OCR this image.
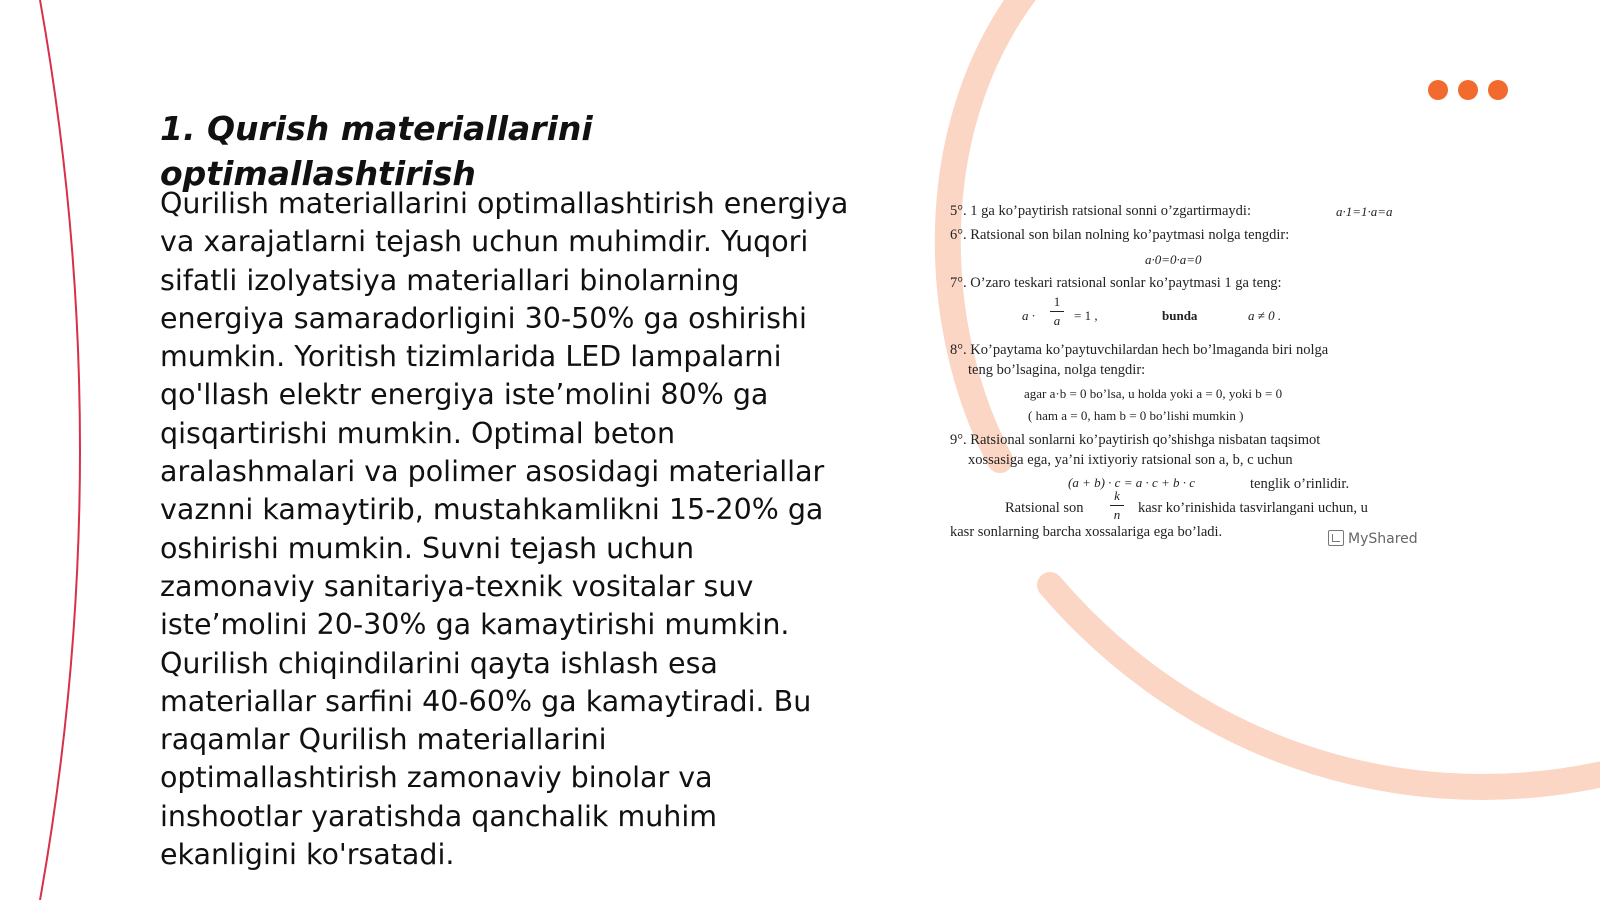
1. Qurish materiallarini optimallashtirish

Qurilish materiallarini optimallashtirish energiya va xarajatlarni tejash uchun muhimdir. Yuqori sifatli izolyatsiya materiallari binolarning energiya samaradorligini 30-50% ga oshirishi mumkin. Yoritish tizimlarida LED lampalarni qo'llash elektr energiya iste’molini 80% ga qisqartirishi mumkin. Optimal beton aralashmalari va polimer asosidagi materiallar vaznni kamaytirib, mustahkamlikni 15-20% ga oshirishi mumkin. Suvni tejash uchun zamonaviy sanitariya-texnik vositalar suv iste’molini 20-30% ga kamaytirishi mumkin. Qurilish chiqindilarini qayta ishlash esa materiallar sarfini 40-60% ga kamaytiradi. Bu raqamlar Qurilish materiallarini optimallashtirish zamonaviy binolar va inshootlar yaratishda qanchalik muhim ekanligini ko'rsatadi.

5°. 1 ga ko’paytirish ratsional sonni o’zgartirmaydi:	a·1=1·a=a
6°. Ratsional son bilan nolning ko’paytmasi nolga tengdir:
a·0=0·a=0
7°. O’zaro teskari ratsional sonlar ko’paytmasi 1 ga teng:
a ·
1
a = 1 ,	bunda	a ≠ 0 .
8°. Ko’paytama ko’paytuvchilardan hech bo’lmaganda biri nolga
teng bo’lsagina, nolga tengdir:
agar a·b = 0 bo’lsa, u holda yoki a = 0, yoki b = 0
( ham a = 0, ham b = 0 bo’lishi mumkin )
9°. Ratsional sonlarni ko’paytirish qo’shishga nisbatan taqsimot
xossasiga ega, ya’ni ixtiyoriy ratsional son a, b, c uchun
(a + b) · c = a · c + b · c	tenglik o’rinlidir.
Ratsional son
k
n kasr ko’rinishida tasvirlangani uchun, u
kasr sonlarning barcha xossalariga ega bo’ladi.	MyShared
